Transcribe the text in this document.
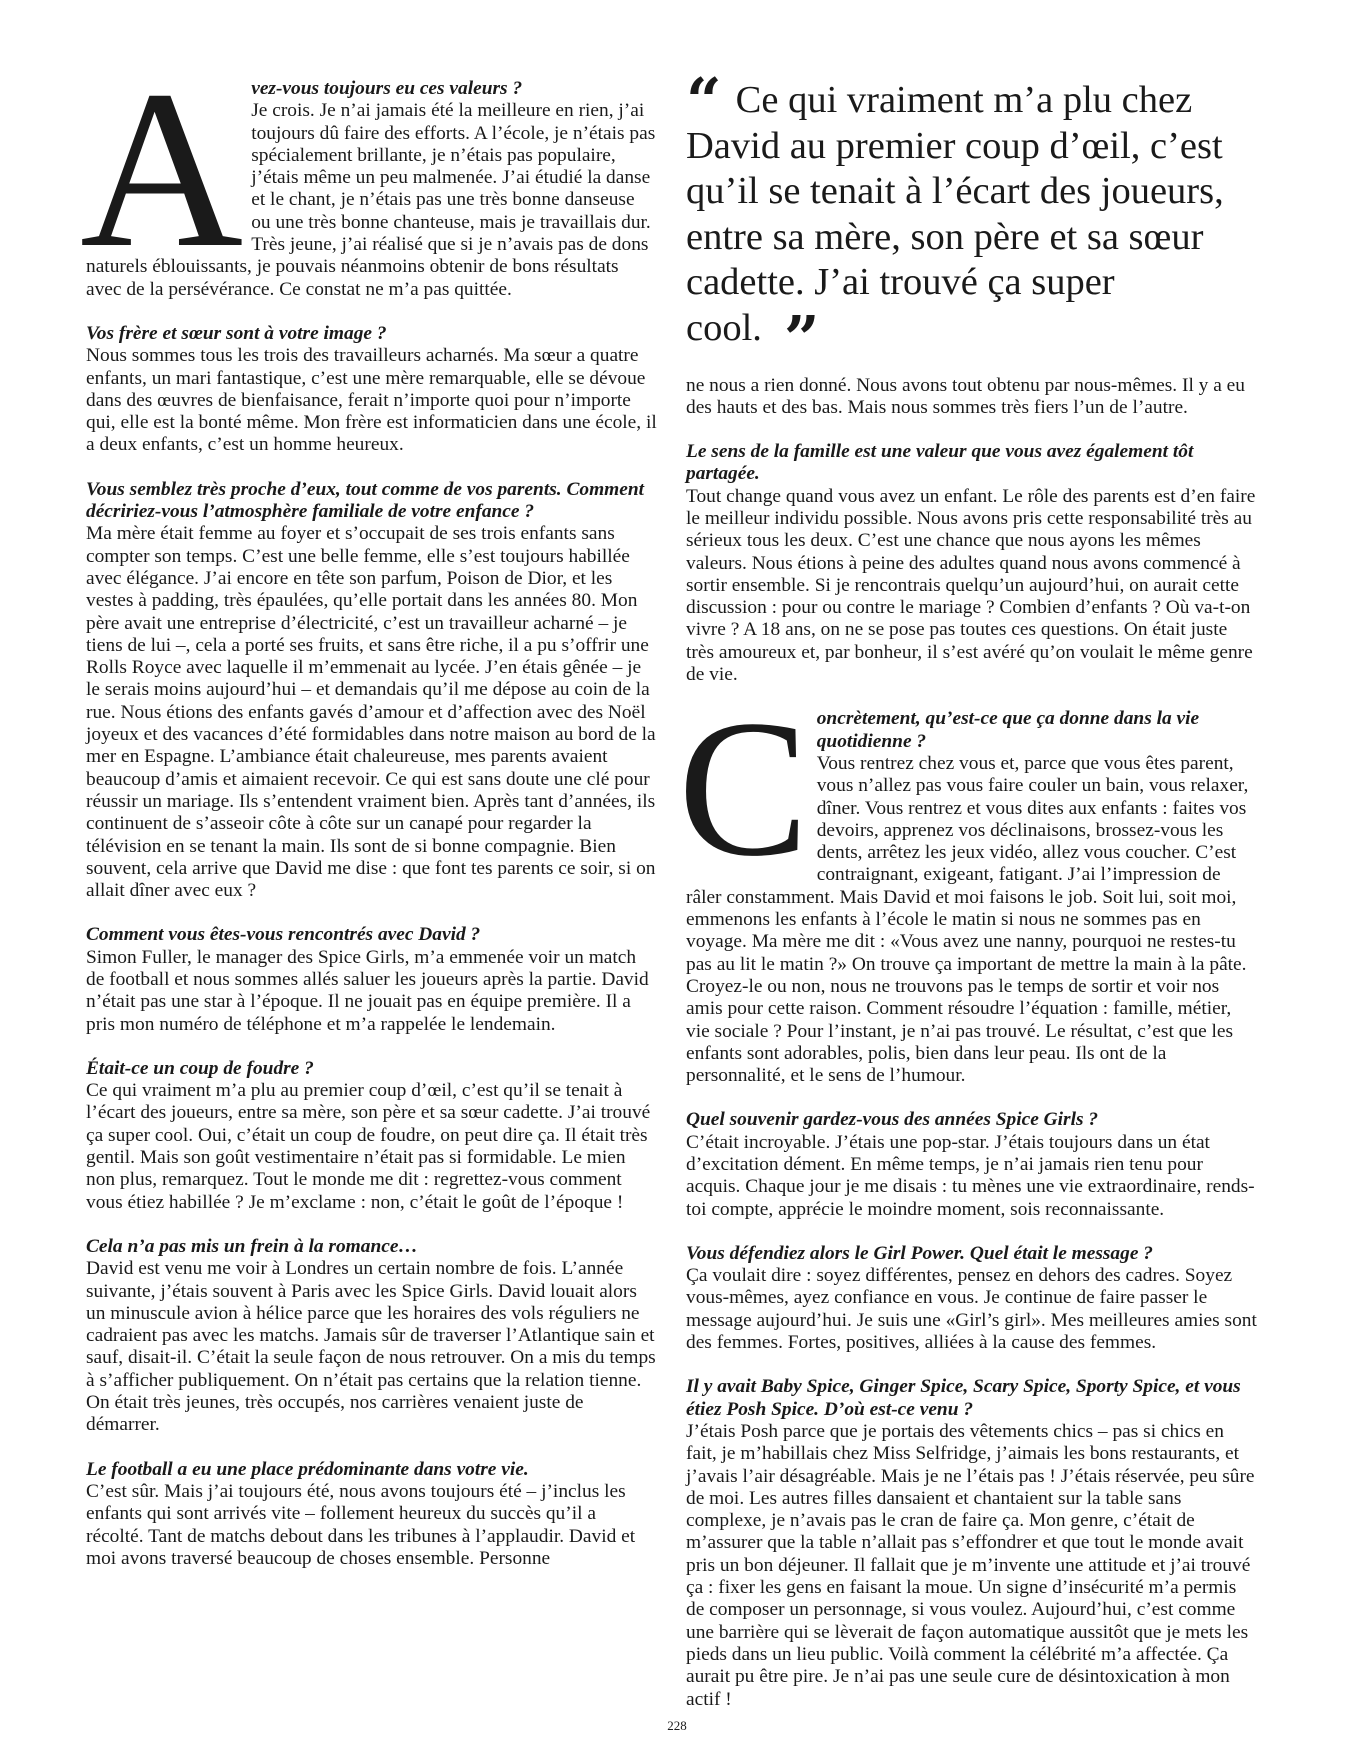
A vez-vous toujours eu ces valeurs ?
Je crois. Je n’ai jamais été la meilleure en rien, j’ai toujours dû faire des efforts. A l’école, je n’étais pas spécialement brillante, je n’étais pas populaire, j’étais même un peu malmenée. J’ai étudié la danse et le chant, je n’étais pas une très bonne danseuse ou une très bonne chanteuse, mais je travaillais dur. Très jeune, j’ai réalisé que si je n’avais pas de dons naturels éblouissants, je pouvais néanmoins obtenir de bons résultats avec de la persévérance. Ce constat ne m’a pas quittée.
Vos frère et sœur sont à votre image ?
Nous sommes tous les trois des travailleurs acharnés. Ma sœur a quatre enfants, un mari fantastique, c’est une mère remarquable, elle se dévoue dans des œuvres de bienfaisance, ferait n’importe quoi pour n’importe qui, elle est la bonté même. Mon frère est informaticien dans une école, il a deux enfants, c’est un homme heureux.
Vous semblez très proche d’eux, tout comme de vos parents. Comment décririez-vous l’atmosphère familiale de votre enfance ?
Ma mère était femme au foyer et s’occupait de ses trois enfants sans compter son temps. C’est une belle femme, elle s’est toujours habillée avec élégance. J’ai encore en tête son parfum, Poison de Dior, et les vestes à padding, très épaulées, qu’elle portait dans les années 80. Mon père avait une entreprise d’électricité, c’est un travailleur acharné – je tiens de lui –, cela a porté ses fruits, et sans être riche, il a pu s’offrir une Rolls Royce avec laquelle il m’emmenait au lycée. J’en étais gênée – je le serais moins aujourd’hui – et demandais qu’il me dépose au coin de la rue. Nous étions des enfants gavés d’amour et d’affection avec des Noël joyeux et des vacances d’été formidables dans notre maison au bord de la mer en Espagne. L’ambiance était chaleureuse, mes parents avaient beaucoup d’amis et aimaient recevoir. Ce qui est sans doute une clé pour réussir un mariage. Ils s’entendent vraiment bien. Après tant d’années, ils continuent de s’asseoir côte à côte sur un canapé pour regarder la télévision en se tenant la main. Ils sont de si bonne compagnie. Bien souvent, cela arrive que David me dise : que font tes parents ce soir, si on allait dîner avec eux ?
Comment vous êtes-vous rencontrés avec David ?
Simon Fuller, le manager des Spice Girls, m’a emmenée voir un match de football et nous sommes allés saluer les joueurs après la partie. David n’était pas une star à l’époque. Il ne jouait pas en équipe première. Il a pris mon numéro de téléphone et m’a rappelée le lendemain.
Était-ce un coup de foudre ?
Ce qui vraiment m’a plu au premier coup d’œil, c’est qu’il se tenait à l’écart des joueurs, entre sa mère, son père et sa sœur cadette. J’ai trouvé ça super cool. Oui, c’était un coup de foudre, on peut dire ça. Il était très gentil. Mais son goût vestimentaire n’était pas si formidable. Le mien non plus, remarquez. Tout le monde me dit : regrettez-vous comment vous étiez habillée ? Je m’exclame : non, c’était le goût de l’époque !
Cela n’a pas mis un frein à la romance…
David est venu me voir à Londres un certain nombre de fois. L’année suivante, j’étais souvent à Paris avec les Spice Girls. David louait alors un minuscule avion à hélice parce que les horaires des vols réguliers ne cadraient pas avec les matchs. Jamais sûr de traverser l’Atlantique sain et sauf, disait-il. C’était la seule façon de nous retrouver. On a mis du temps à s’afficher publiquement. On n’était pas certains que la relation tienne. On était très jeunes, très occupés, nos carrières venaient juste de démarrer.
Le football a eu une place prédominante dans votre vie.
C’est sûr. Mais j’ai toujours été, nous avons toujours été – j’inclus les enfants qui sont arrivés vite – follement heureux du succès qu’il a récolté. Tant de matchs debout dans les tribunes à l’applaudir. David et moi avons traversé beaucoup de choses ensemble. Personne
“ Ce qui vraiment m’a plu chez David au premier coup d’œil, c’est qu’il se tenait à l’écart des joueurs, entre sa mère, son père et sa sœur cadette. J’ai trouvé ça super cool. ”
ne nous a rien donné. Nous avons tout obtenu par nous-mêmes. Il y a eu des hauts et des bas. Mais nous sommes très fiers l’un de l’autre.
Le sens de la famille est une valeur que vous avez également tôt partagée.
Tout change quand vous avez un enfant. Le rôle des parents est d’en faire le meilleur individu possible. Nous avons pris cette responsabilité très au sérieux tous les deux. C’est une chance que nous ayons les mêmes valeurs. Nous étions à peine des adultes quand nous avons commencé à sortir ensemble. Si je rencontrais quelqu’un aujourd’hui, on aurait cette discussion : pour ou contre le mariage ? Combien d’enfants ? Où va-t-on vivre ? A 18 ans, on ne se pose pas toutes ces questions. On était juste très amoureux et, par bonheur, il s’est avéré qu’on voulait le même genre de vie.
C oncrètement, qu’est-ce que ça donne dans la vie quotidienne ?
Vous rentrez chez vous et, parce que vous êtes parent, vous n’allez pas vous faire couler un bain, vous relaxer, dîner. Vous rentrez et vous dites aux enfants : faites vos devoirs, apprenez vos déclinaisons, brossez-vous les dents, arrêtez les jeux vidéo, allez vous coucher. C’est contraignant, exigeant, fatigant. J’ai l’impression de râler constamment. Mais David et moi faisons le job. Soit lui, soit moi, emmenons les enfants à l’école le matin si nous ne sommes pas en voyage. Ma mère me dit : «Vous avez une nanny, pourquoi ne restes-tu pas au lit le matin ?» On trouve ça important de mettre la main à la pâte. Croyez-le ou non, nous ne trouvons pas le temps de sortir et voir nos amis pour cette raison. Comment résoudre l’équation : famille, métier, vie sociale ? Pour l’instant, je n’ai pas trouvé. Le résultat, c’est que les enfants sont adorables, polis, bien dans leur peau. Ils ont de la personnalité, et le sens de l’humour.
Quel souvenir gardez-vous des années Spice Girls ?
C’était incroyable. J’étais une pop-star. J’étais toujours dans un état d’excitation dément. En même temps, je n’ai jamais rien tenu pour acquis. Chaque jour je me disais : tu mènes une vie extraordinaire, rends-toi compte, apprécie le moindre moment, sois reconnaissante.
Vous défendiez alors le Girl Power. Quel était le message ?
Ça voulait dire : soyez différentes, pensez en dehors des cadres. Soyez vous-mêmes, ayez confiance en vous. Je continue de faire passer le message aujourd’hui. Je suis une «Girl’s girl». Mes meilleures amies sont des femmes. Fortes, positives, alliées à la cause des femmes.
Il y avait Baby Spice, Ginger Spice, Scary Spice, Sporty Spice, et vous étiez Posh Spice. D’où est-ce venu ?
J’étais Posh parce que je portais des vêtements chics – pas si chics en fait, je m’habillais chez Miss Selfridge, j’aimais les bons restaurants, et j’avais l’air désagréable. Mais je ne l’étais pas ! J’étais réservée, peu sûre de moi. Les autres filles dansaient et chantaient sur la table sans complexe, je n’avais pas le cran de faire ça. Mon genre, c’était de m’assurer que la table n’allait pas s’effondrer et que tout le monde avait pris un bon déjeuner. Il fallait que je m’invente une attitude et j’ai trouvé ça : fixer les gens en faisant la moue. Un signe d’insécurité m’a permis de composer un personnage, si vous voulez. Aujourd’hui, c’est comme une barrière qui se lèverait de façon automatique aussitôt que je mets les pieds dans un lieu public. Voilà comment la célébrité m’a affectée. Ça aurait pu être pire. Je n’ai pas une seule cure de désintoxication à mon actif !
228
